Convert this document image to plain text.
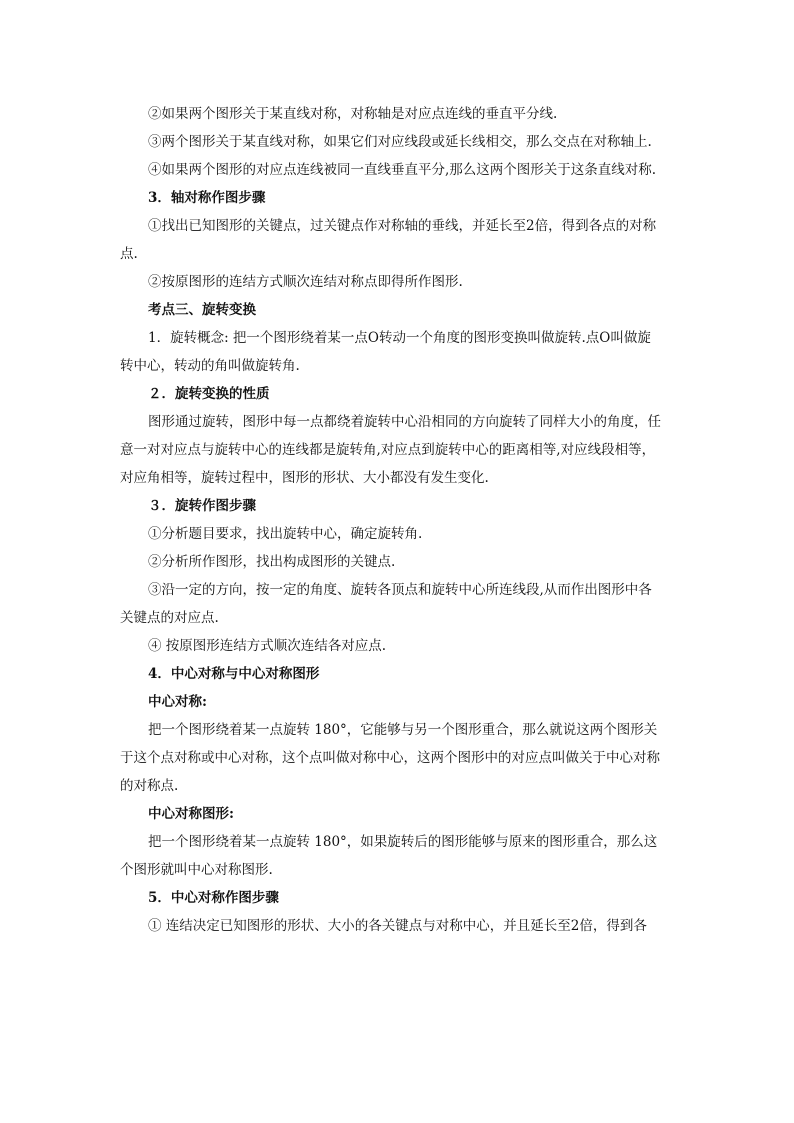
②如果两个图形关于某直线对称，对称轴是对应点连线的垂直平分线.
③两个图形关于某直线对称，如果它们对应线段或延长线相交，那么交点在对称轴上.
④如果两个图形的对应点连线被同一直线垂直平分,那么这两个图形关于这条直线对称.
3．轴对称作图步骤
①找出已知图形的关键点，过关键点作对称轴的垂线，并延长至2倍，得到各点的对称
点.
②按原图形的连结方式顺次连结对称点即得所作图形.
考点三、旋转变换
1．旋转概念: 把一个图形绕着某一点O转动一个角度的图形变换叫做旋转.点O叫做旋
转中心，转动的角叫做旋转角.
２．旋转变换的性质
图形通过旋转，图形中每一点都绕着旋转中心沿相同的方向旋转了同样大小的角度，任
意一对对应点与旋转中心的连线都是旋转角,对应点到旋转中心的距离相等,对应线段相等，
对应角相等，旋转过程中，图形的形状、大小都没有发生变化.
３．旋转作图步骤
①分析题目要求，找出旋转中心，确定旋转角.
②分析所作图形，找出构成图形的关键点.
③沿一定的方向，按一定的角度、旋转各顶点和旋转中心所连线段,从而作出图形中各
关键点的对应点.
④ 按原图形连结方式顺次连结各对应点.
4．中心对称与中心对称图形
中心对称:
把一个图形绕着某一点旋转 180°，它能够与另一个图形重合，那么就说这两个图形关
于这个点对称或中心对称，这个点叫做对称中心，这两个图形中的对应点叫做关于中心对称
的对称点.
中心对称图形:
把一个图形绕着某一点旋转 180°，如果旋转后的图形能够与原来的图形重合，那么这
个图形就叫中心对称图形.
5．中心对称作图步骤
① 连结决定已知图形的形状、大小的各关键点与对称中心，并且延长至2倍，得到各
